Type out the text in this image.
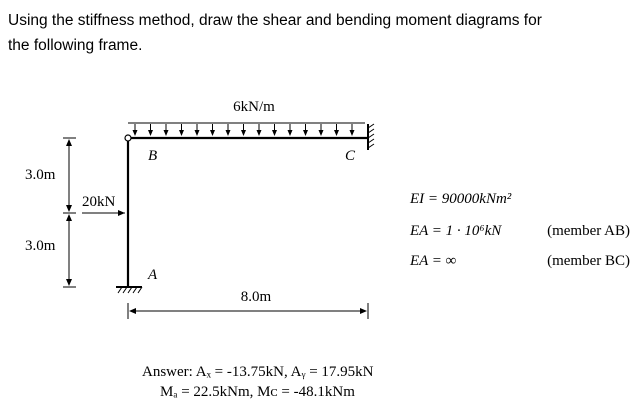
Using the stiffness method, draw the shear and bending moment diagrams for
the following frame.
6kN/m
B	C
A
20kN
3.0m
3.0m
8.0m
EI = 90000kNm²
EA = 1 · 10⁶kN	(member AB)
EA = ∞	(member BC)
Answer: Aₓ = -13.75kN, Aᵧ = 17.95kN
Mₐ = 22.5kNm, Mᴄ = -48.1kNm
